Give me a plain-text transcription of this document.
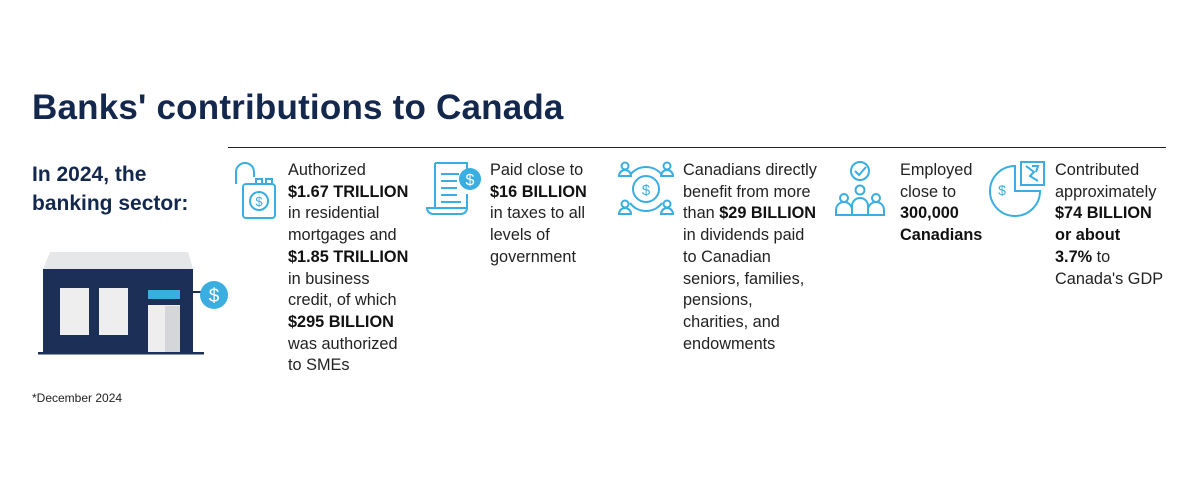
Banks' contributions to Canada
In 2024, the
banking sector:
$
$
Authorized
$1.67 TRILLION
in residential
mortgages and
$1.85 TRILLION
in business
credit, of which
$295 BILLION
was authorized
to SMEs
$
Paid close to
$16 BILLION
in taxes to all
levels of
government
$
Canadians directly
benefit from more
than $29 BILLION
in dividends paid
to Canadian
seniors, families,
pensions,
charities, and
endowments
Employed
close to
300,000
Canadians
$
Contributed
approximately
$74 BILLION
or about
3.7% to
Canada's GDP
*December 2024
